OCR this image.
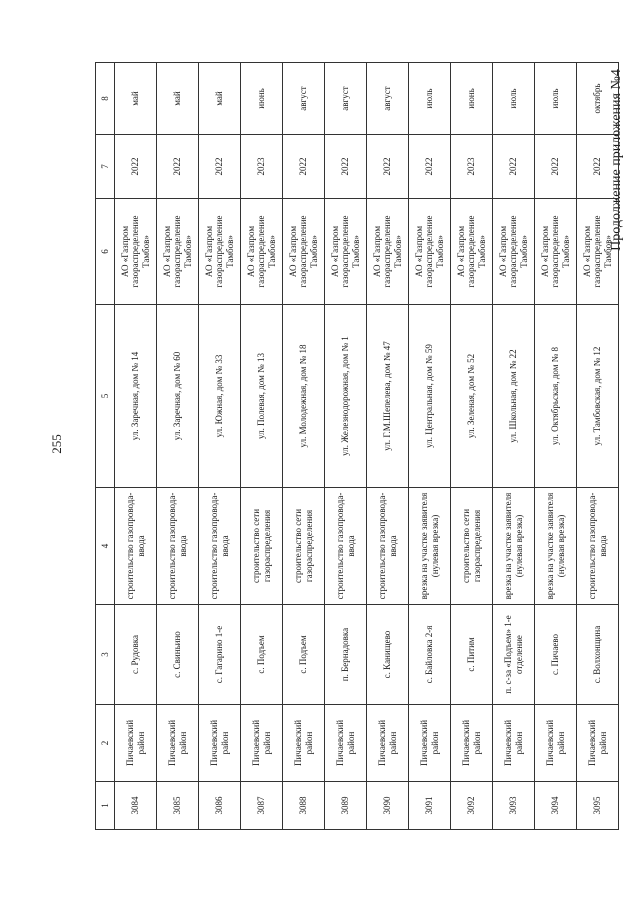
255
Продолжение приложения №4
1	2	3	4	5	6	7	8
3084	Пичаевский район	с. Рудовка	строительство газопровода-ввода	ул. Заречная, дом № 14	АО «Газпром газораспределение Тамбов»	2022	май
3085	Пичаевский район	с. Свиньино	строительство газопровода-ввода	ул. Заречная, дом № 60	АО «Газпром газораспределение Тамбов»	2022	май
3086	Пичаевский район	с. Гагарино 1-е	строительство газопровода-ввода	ул. Южная, дом № 33	АО «Газпром газораспределение Тамбов»	2022	май
3087	Пичаевский район	с. Подъем	строительство сети газораспределения	ул. Полевая, дом № 13	АО «Газпром газораспределение Тамбов»	2023	июнь
3088	Пичаевский район	с. Подъем	строительство сети газораспределения	ул. Молодежная, дом № 18	АО «Газпром газораспределение Тамбов»	2022	август
3089	Пичаевский район	п. Бернадовка	строительство газопровода-ввода	ул. Железнодорожная, дом № 1	АО «Газпром газораспределение Тамбов»	2022	август
3090	Пичаевский район	с. Канищево	строительство газопровода-ввода	ул. Г.М.Шепелева, дом № 47	АО «Газпром газораспределение Тамбов»	2022	август
3091	Пичаевский район	с. Байловка 2-я	врезка на участке заявителя (нулевая врезка)	ул. Центральная, дом № 59	АО «Газпром газораспределение Тамбов»	2022	июль
3092	Пичаевский район	с. Питим	строительство сети газораспределения	ул. Зеленая, дом № 52	АО «Газпром газораспределение Тамбов»	2023	июнь
3093	Пичаевский район	п. с-за «Подъем» 1-е отделение	врезка на участке заявителя (нулевая врезка)	ул. Школьная, дом № 22	АО «Газпром газораспределение Тамбов»	2022	июль
3094	Пичаевский район	с. Пичаево	врезка на участке заявителя (нулевая врезка)	ул. Октябрьская, дом № 8	АО «Газпром газораспределение Тамбов»	2022	июль
3095	Пичаевский район	с. Волхонщина	строительство газопровода-ввода	ул. Тамбовская, дом № 12	АО «Газпром газораспределение Тамбов»	2022	октябрь
